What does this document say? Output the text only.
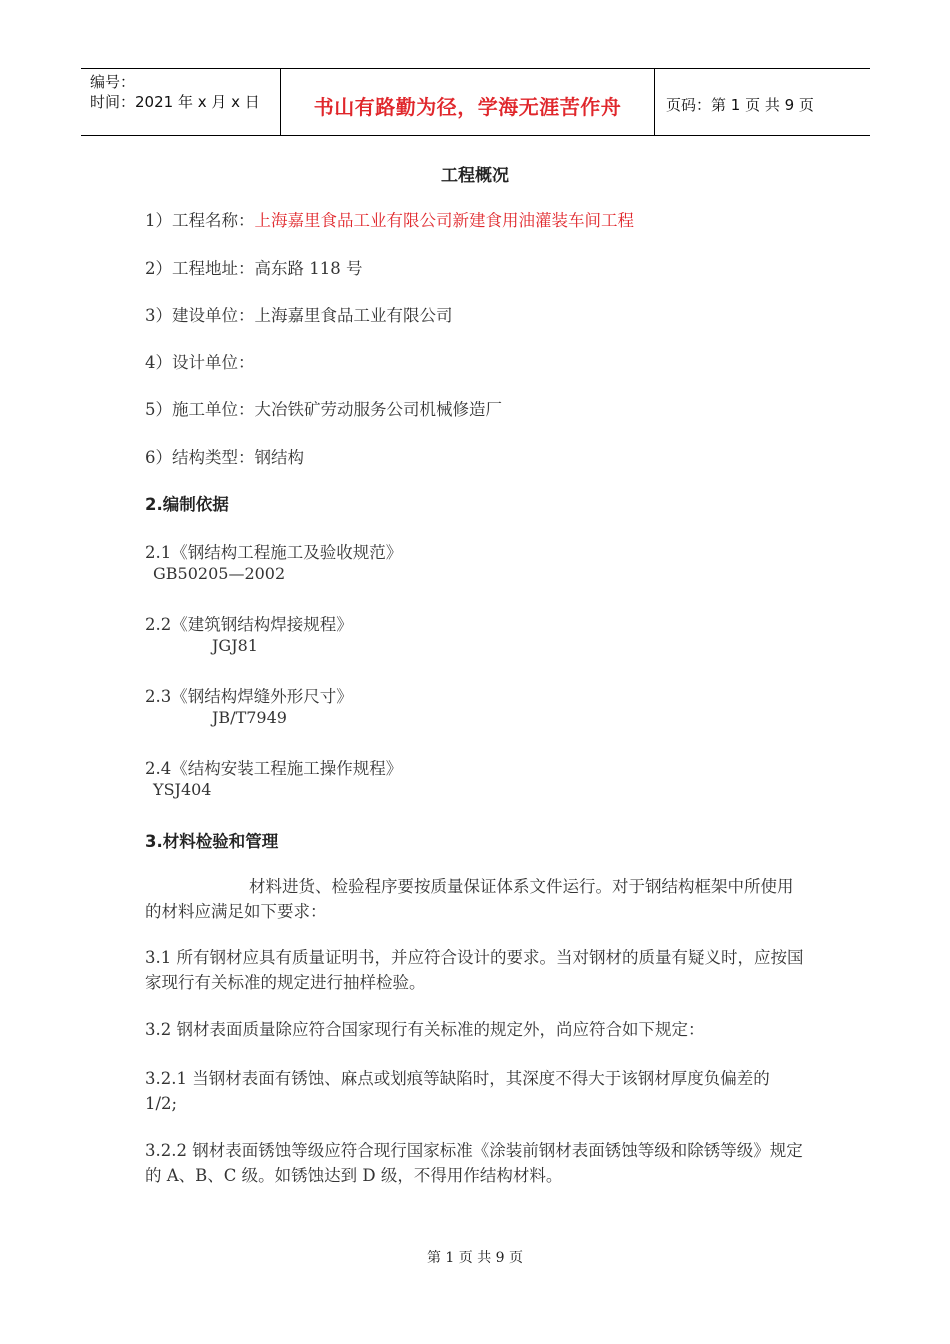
编号：
时间：2021 年 x 月 x 日	书山有路勤为径，学海无涯苦作舟	页码：第 1 页 共 9 页
工程概况
1）工程名称：上海嘉里食品工业有限公司新建食用油灌装车间工程
2）工程地址：高东路 118 号
3）建设单位：上海嘉里食品工业有限公司
4）设计单位：
5）施工单位：大冶铁矿劳动服务公司机械修造厂
6）结构类型：钢结构
2.编制依据
2.1《钢结构工程施工及验收规范》
GB50205—2002
2.2《建筑钢结构焊接规程》
JGJ81
2.3《钢结构焊缝外形尺寸》
JB/T7949
2.4《结构安装工程施工操作规程》
YSJ404
3.材料检验和管理
材料进货、检验程序要按质量保证体系文件运行。对于钢结构框架中所使用的材料应满足如下要求：
3.1 所有钢材应具有质量证明书，并应符合设计的要求。当对钢材的质量有疑义时，应按国家现行有关标准的规定进行抽样检验。
3.2 钢材表面质量除应符合国家现行有关标准的规定外，尚应符合如下规定：
3.2.1 当钢材表面有锈蚀、麻点或划痕等缺陷时，其深度不得大于该钢材厚度负偏差的 1/2;
3.2.2 钢材表面锈蚀等级应符合现行国家标准《涂装前钢材表面锈蚀等级和除锈等级》规定的 A、B、C 级。如锈蚀达到 D 级，不得用作结构材料。
第 1 页 共 9 页
